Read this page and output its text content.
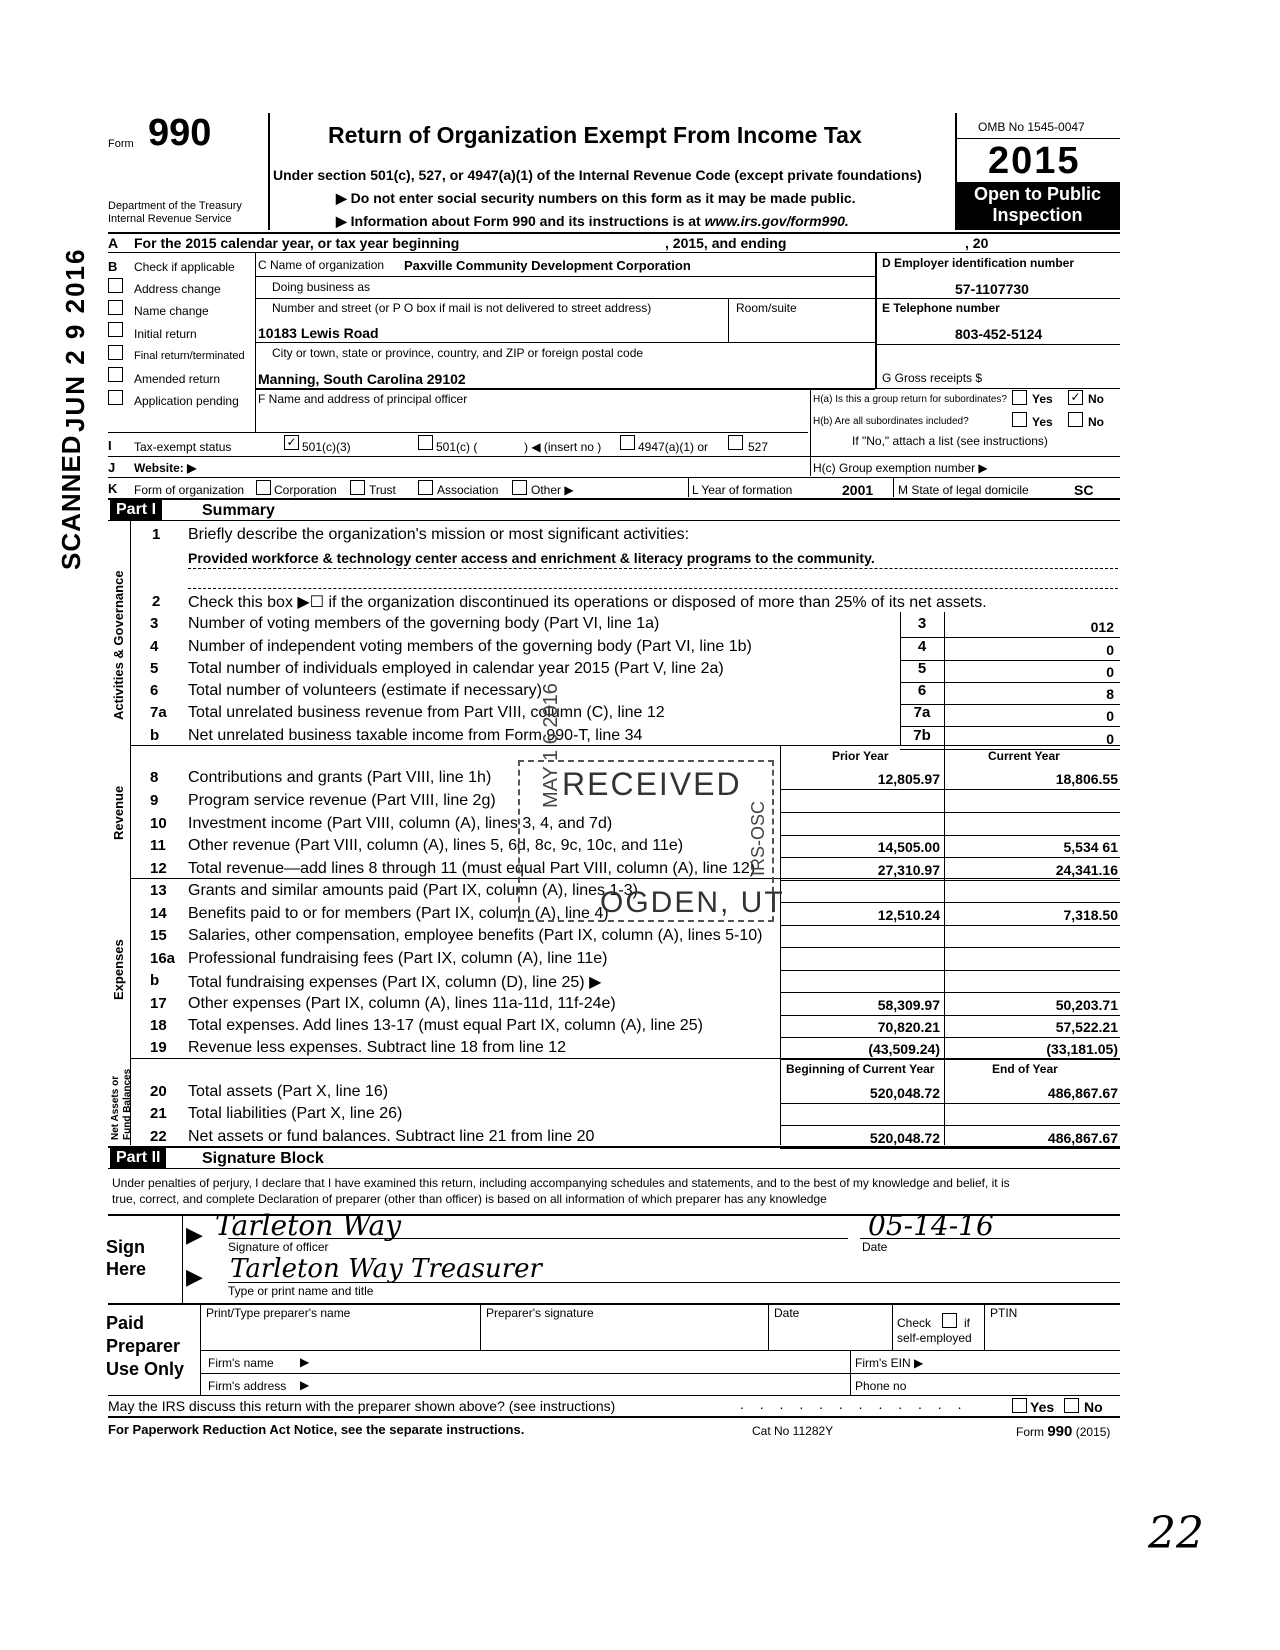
Form 990
Department of the Treasury
Internal Revenue Service
Return of Organization Exempt From Income Tax
Under section 501(c), 527, or 4947(a)(1) of the Internal Revenue Code (except private foundations)
▶ Do not enter social security numbers on this form as it may be made public.
▶ Information about Form 990 and its instructions is at www.irs.gov/form990.
OMB No 1545-0047
2015
Open to Public
Inspection
A For the 2015 calendar year, or tax year beginning	, 2015, and ending	, 20
B Check if applicable
Address change
Name change
Initial return
Final return/terminated
Amended return
Application pending
C Name of organization Paxville Community Development Corporation
Doing business as
Number and street (or P O box if mail is not delivered to street address)	Room/suite
10183 Lewis Road
City or town, state or province, country, and ZIP or foreign postal code
Manning, South Carolina 29102
F Name and address of principal officer
D Employer identification number
57-1107730
E Telephone number
803-452-5124
G Gross receipts $
H(a) Is this a group return for subordinates? Yes ✓ No
H(b) Are all subordinates included?	Yes	No
If "No," attach a list (see instructions)
I Tax-exempt status	✓ 501(c)(3)	501(c) (	) ◀ (insert no )	4947(a)(1) or	527
J Website: ▶	H(c) Group exemption number ▶
K Form of organization Corporation	Trust	Association	Other ▶	L Year of formation	2001 M State of legal domicile	SC
Part I	Summary
Activities & Governance
Revenue
Expenses
Net Assets or Fund Balances
1 Briefly describe the organization's mission or most significant activities:
Provided workforce & technology center access and enrichment & literacy programs to the community.
2 Check this box ▶☐ if the organization discontinued its operations or disposed of more than 25% of its net assets.
3 Number of voting members of the governing body (Part VI, line 1a)	3	012
4 Number of independent voting members of the governing body (Part VI, line 1b)	4	0
5 Total number of individuals employed in calendar year 2015 (Part V, line 2a)	5	0
6 Total number of volunteers (estimate if necessary)	6	8
7a Total unrelated business revenue from Part VIII, column (C), line 12	7a	0
b Net unrelated business taxable income from Form 990-T, line 34	7b	0
Prior Year	Current Year
8 Contributions and grants (Part VIII, line 1h)	12,805.97	18,806.55
9 Program service revenue (Part VIII, line 2g)
10 Investment income (Part VIII, column (A), lines 3, 4, and 7d)
11 Other revenue (Part VIII, column (A), lines 5, 6d, 8c, 9c, 10c, and 11e)	14,505.00	5,534 61
12 Total revenue—add lines 8 through 11 (must equal Part VIII, column (A), line 12)	27,310.97	24,341.16
13 Grants and similar amounts paid (Part IX, column (A), lines 1-3)
14 Benefits paid to or for members (Part IX, column (A), line 4)	12,510.24	7,318.50
15 Salaries, other compensation, employee benefits (Part IX, column (A), lines 5-10)
16a Professional fundraising fees (Part IX, column (A), line 11e)
b Total fundraising expenses (Part IX, column (D), line 25) ▶
17 Other expenses (Part IX, column (A), lines 11a-11d, 11f-24e)	58,309.97	50,203.71
18 Total expenses. Add lines 13-17 (must equal Part IX, column (A), line 25)	70,820.21	57,522.21
19 Revenue less expenses. Subtract line 18 from line 12	(43,509.24)	(33,181.05)
Beginning of Current Year	End of Year
20 Total assets (Part X, line 16)	520,048.72	486,867.67
21 Total liabilities (Part X, line 26)
22 Net assets or fund balances. Subtract line 21 from line 20	520,048.72	486,867.67
Part II	Signature Block
Under penalties of perjury, I declare that I have examined this return, including accompanying schedules and statements, and to the best of my knowledge and belief, it is
true, correct, and complete Declaration of preparer (other than officer) is based on all information of which preparer has any knowledge
Sign
Here
▶
▶
Tarleton Way
Signature of officer
05-14-16
Date
Tarleton Way Treasurer
Type or print name and title
Paid
Preparer
Use Only
Print/Type preparer's name	Preparer's signature	Date
Check	if
self-employed
PTIN
Firm's name ▶	Firm's EIN ▶
Firm's address ▶	Phone no
May the IRS discuss this return with the preparer shown above? (see instructions)	. . . . . . . . . . . .	Yes No
For Paperwork Reduction Act Notice, see the separate instructions.	Cat No 11282Y	Form 990 (2015)
SCANNED
JUN 2 9 2016
RECEIVED
OGDEN, UT
MAY 1 6 2016
IRS-OSC
22
